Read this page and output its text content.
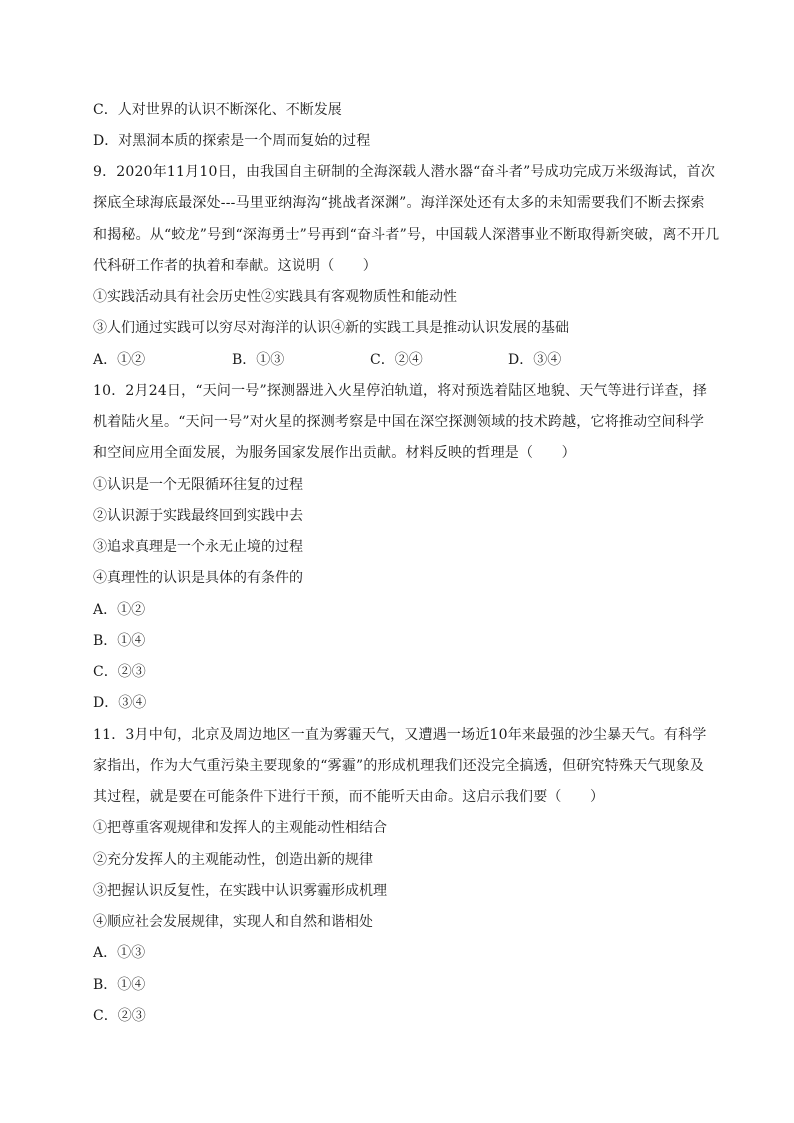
C．人对世界的认识不断深化、不断发展
D．对黑洞本质的探索是一个周而复始的过程
9．2020年11月10日，由我国自主研制的全海深载人潜水器“奋斗者”号成功完成万米级海试，首次
探底全球海底最深处---马里亚纳海沟“挑战者深渊”。海洋深处还有太多的未知需要我们不断去探索
和揭秘。从“蛟龙”号到“深海勇士”号再到“奋斗者”号，中国载人深潜事业不断取得新突破，离不开几
代科研工作者的执着和奉献。这说明（　　）
①实践活动具有社会历史性②实践具有客观物质性和能动性
③人们通过实践可以穷尽对海洋的认识④新的实践工具是推动认识发展的基础
A．①②	B．①③	C．②④	D．③④
10．2月24日，“天问一号”探测器进入火星停泊轨道，将对预选着陆区地貌、天气等进行详查，择
机着陆火星。“天问一号”对火星的探测考察是中国在深空探测领域的技术跨越，它将推动空间科学
和空间应用全面发展，为服务国家发展作出贡献。材料反映的哲理是（　　）
①认识是一个无限循环往复的过程
②认识源于实践最终回到实践中去
③追求真理是一个永无止境的过程
④真理性的认识是具体的有条件的
A．①②
B．①④
C．②③
D．③④
11．3月中旬，北京及周边地区一直为雾霾天气，又遭遇一场近10年来最强的沙尘暴天气。有科学
家指出，作为大气重污染主要现象的“雾霾”的形成机理我们还没完全搞透，但研究特殊天气现象及
其过程，就是要在可能条件下进行干预，而不能听天由命。这启示我们要（　　）
①把尊重客观规律和发挥人的主观能动性相结合
②充分发挥人的主观能动性，创造出新的规律
③把握认识反复性，在实践中认识雾霾形成机理
④顺应社会发展规律，实现人和自然和谐相处
A．①③
B．①④
C．②③
